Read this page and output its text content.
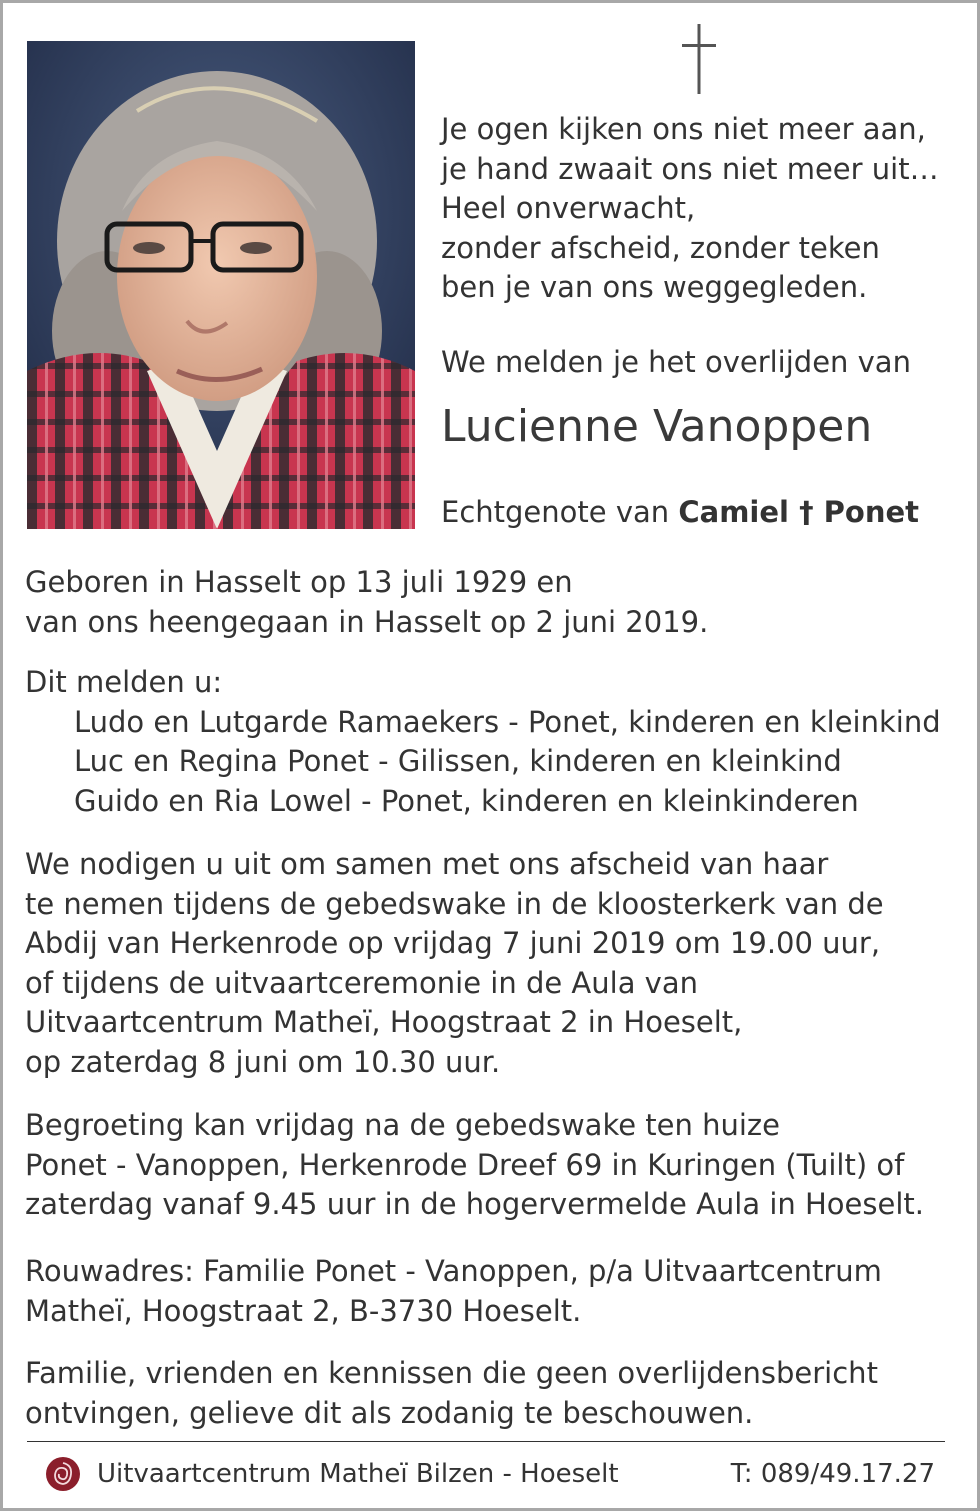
Je ogen kijken ons niet meer aan,
je hand zwaait ons niet meer uit…
Heel onverwacht,
zonder afscheid, zonder teken
ben je van ons weggegleden.

We melden je het overlijden van

Lucienne Vanoppen
Echtgenote van Camiel † Ponet
Geboren in Hasselt op 13 juli 1929 en
van ons heengegaan in Hasselt op 2 juni 2019.
Dit melden u:
Ludo en Lutgarde Ramaekers - Ponet, kinderen en kleinkind
Luc en Regina Ponet - Gilissen, kinderen en kleinkind
Guido en Ria Lowel - Ponet, kinderen en kleinkinderen
We nodigen u uit om samen met ons afscheid van haar
te nemen tijdens de gebedswake in de kloosterkerk van de
Abdij van Herkenrode op vrijdag 7 juni 2019 om 19.00 uur,
of tijdens de uitvaartceremonie in de Aula van
Uitvaartcentrum Matheï, Hoogstraat 2 in Hoeselt,
op zaterdag 8 juni om 10.30 uur.
Begroeting kan vrijdag na de gebedswake ten huize
Ponet - Vanoppen, Herkenrode Dreef 69 in Kuringen (Tuilt) of
zaterdag vanaf 9.45 uur in de hogervermelde Aula in Hoeselt.
Rouwadres: Familie Ponet - Vanoppen, p/a Uitvaartcentrum
Matheï, Hoogstraat 2, B-3730 Hoeselt.
Familie, vrienden en kennissen die geen overlijdensbericht
ontvingen, gelieve dit als zodanig te beschouwen.
Uitvaartcentrum Matheï Bilzen - Hoeselt	T: 089/49.17.27
